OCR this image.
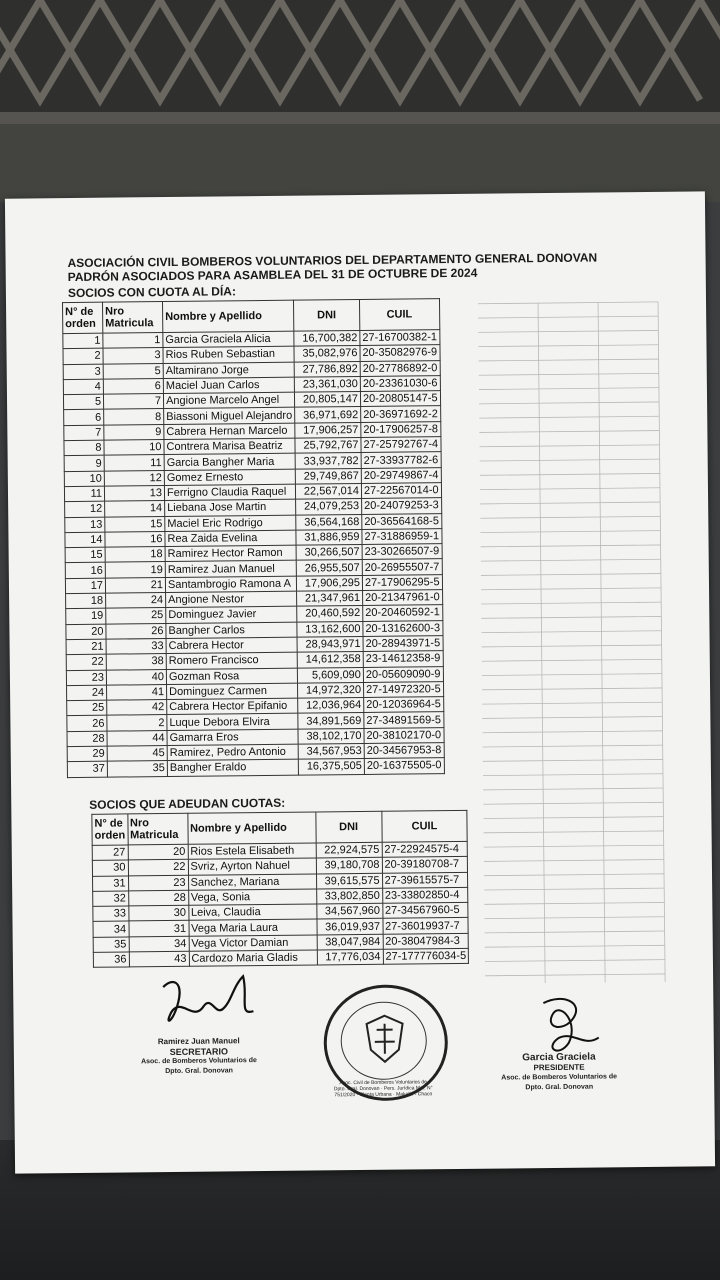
ASOCIACIÓN CIVIL BOMBEROS VOLUNTARIOS DEL DEPARTAMENTO GENERAL DONOVAN
PADRÓN ASOCIADOS PARA ASAMBLEA DEL 31 DE OCTUBRE DE 2024
SOCIOS CON CUOTA AL DÍA:
N° de orden	Nro Matricula	Nombre y Apellido	DNI	CUIL
1	1	Garcia Graciela Alicia	16,700,382	27-16700382-1
2	3	Rios Ruben Sebastian	35,082,976	20-35082976-9
3	5	Altamirano Jorge	27,786,892	20-27786892-0
4	6	Maciel Juan Carlos	23,361,030	20-23361030-6
5	7	Angione Marcelo Angel	20,805,147	20-20805147-5
6	8	Biassoni Miguel Alejandro	36,971,692	20-36971692-2
7	9	Cabrera Hernan Marcelo	17,906,257	20-17906257-8
8	10	Contrera Marisa Beatriz	25,792,767	27-25792767-4
9	11	Garcia Bangher Maria	33,937,782	27-33937782-6
10	12	Gomez Ernesto	29,749,867	20-29749867-4
11	13	Ferrigno Claudia Raquel	22,567,014	27-22567014-0
12	14	Liebana Jose Martin	24,079,253	20-24079253-3
13	15	Maciel Eric Rodrigo	36,564,168	20-36564168-5
14	16	Rea Zaida Evelina	31,886,959	27-31886959-1
15	18	Ramirez Hector Ramon	30,266,507	23-30266507-9
16	19	Ramirez Juan Manuel	26,955,507	20-26955507-7
17	21	Santambrogio Ramona A	17,906,295	27-17906295-5
18	24	Angione Nestor	21,347,961	20-21347961-0
19	25	Dominguez Javier	20,460,592	20-20460592-1
20	26	Bangher Carlos	13,162,600	20-13162600-3
21	33	Cabrera Hector	28,943,971	20-28943971-5
22	38	Romero Francisco	14,612,358	23-14612358-9
23	40	Gozman Rosa	5,609,090	20-05609090-9
24	41	Dominguez Carmen	14,972,320	27-14972320-5
25	42	Cabrera Hector Epifanio	12,036,964	20-12036964-5
26	2	Luque Debora Elvira	34,891,569	27-34891569-5
28	44	Gamarra Eros	38,102,170	20-38102170-0
29	45	Ramirez, Pedro Antonio	34,567,953	20-34567953-8
37	35	Bangher Eraldo	16,375,505	20-16375505-0
SOCIOS QUE ADEUDAN CUOTAS:
N° de orden	Nro Matricula	Nombre y Apellido	DNI	CUIL
27	20	Rios Estela Elisabeth	22,924,575	27-22924575-4
30	22	Svriz, Ayrton Nahuel	39,180,708	20-39180708-7
31	23	Sanchez, Mariana	39,615,575	27-39615575-7
32	28	Vega, Sonia	33,802,850	23-33802850-4
33	30	Leiva, Claudia	34,567,960	27-34567960-5
34	31	Vega Maria Laura	36,019,937	27-36019937-7
35	34	Vega Victor Damian	38,047,984	20-38047984-3
36	43	Cardozo Maria Gladis	17,776,034	27-177776034-5
Ramirez Juan Manuel
SECRETARIO
Asoc. de Bomberos Voluntarios de Dpto. Gral. Donovan
Asoc. Civil de Bomberos Voluntarios de Dpto. Gral. Donovan · Pers. Jurídica Mat. N° 751/2020 · Planta Urbana · Makallé - Chaco
Garcia Graciela
PRESIDENTE
Asoc. de Bomberos Voluntarios de Dpto. Gral. Donovan
